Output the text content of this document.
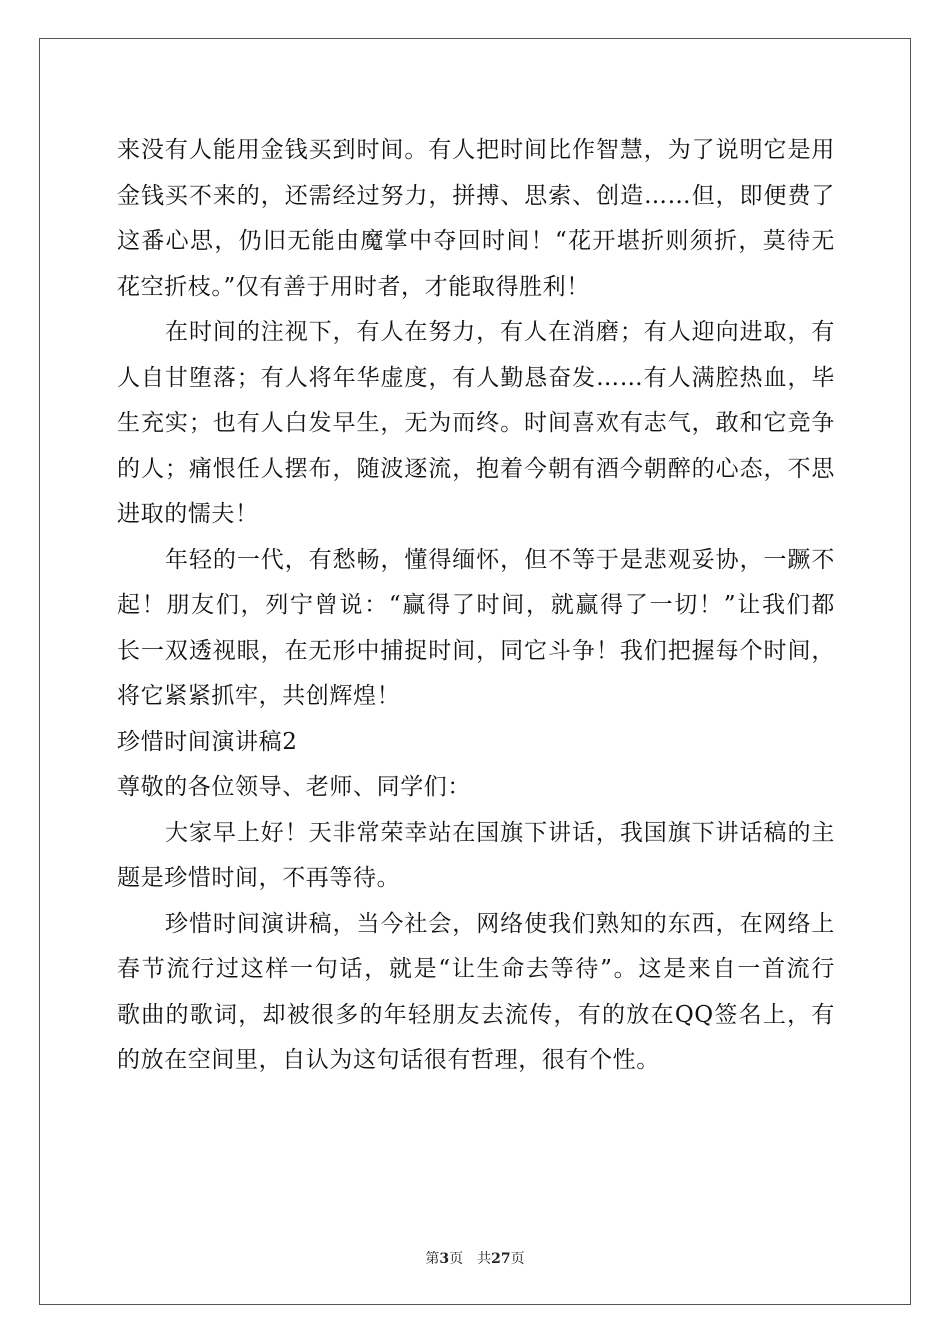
来没有人能用金钱买到时间。有人把时间比作智慧，为了说明它是用
金钱买不来的，还需经过努力，拼搏、思索、创造……但，即便费了
这番心思，仍旧无能由魔掌中夺回时间！“花开堪折则须折，莫待无
花空折枝。”仅有善于用时者，才能取得胜利！
在时间的注视下，有人在努力，有人在消磨；有人迎向进取，有
人自甘堕落；有人将年华虚度，有人勤恳奋发……有人满腔热血，毕
生充实；也有人白发早生，无为而终。时间喜欢有志气，敢和它竞争
的人；痛恨任人摆布，随波逐流，抱着今朝有酒今朝醉的心态，不思
进取的懦夫！
年轻的一代，有愁畅，懂得缅怀，但不等于是悲观妥协，一蹶不
起！朋友们，列宁曾说：“赢得了时间，就赢得了一切！”让我们都
长一双透视眼，在无形中捕捉时间，同它斗争！我们把握每个时间，
将它紧紧抓牢，共创辉煌！
珍惜时间演讲稿2
尊敬的各位领导、老师、同学们：
大家早上好！天非常荣幸站在国旗下讲话，我国旗下讲话稿的主
题是珍惜时间，不再等待。
珍惜时间演讲稿，当今社会，网络使我们熟知的东西，在网络上
春节流行过这样一句话，就是“让生命去等待”。这是来自一首流行
歌曲的歌词，却被很多的年轻朋友去流传，有的放在QQ签名上，有
的放在空间里，自认为这句话很有哲理，很有个性。
第3页　共27页
